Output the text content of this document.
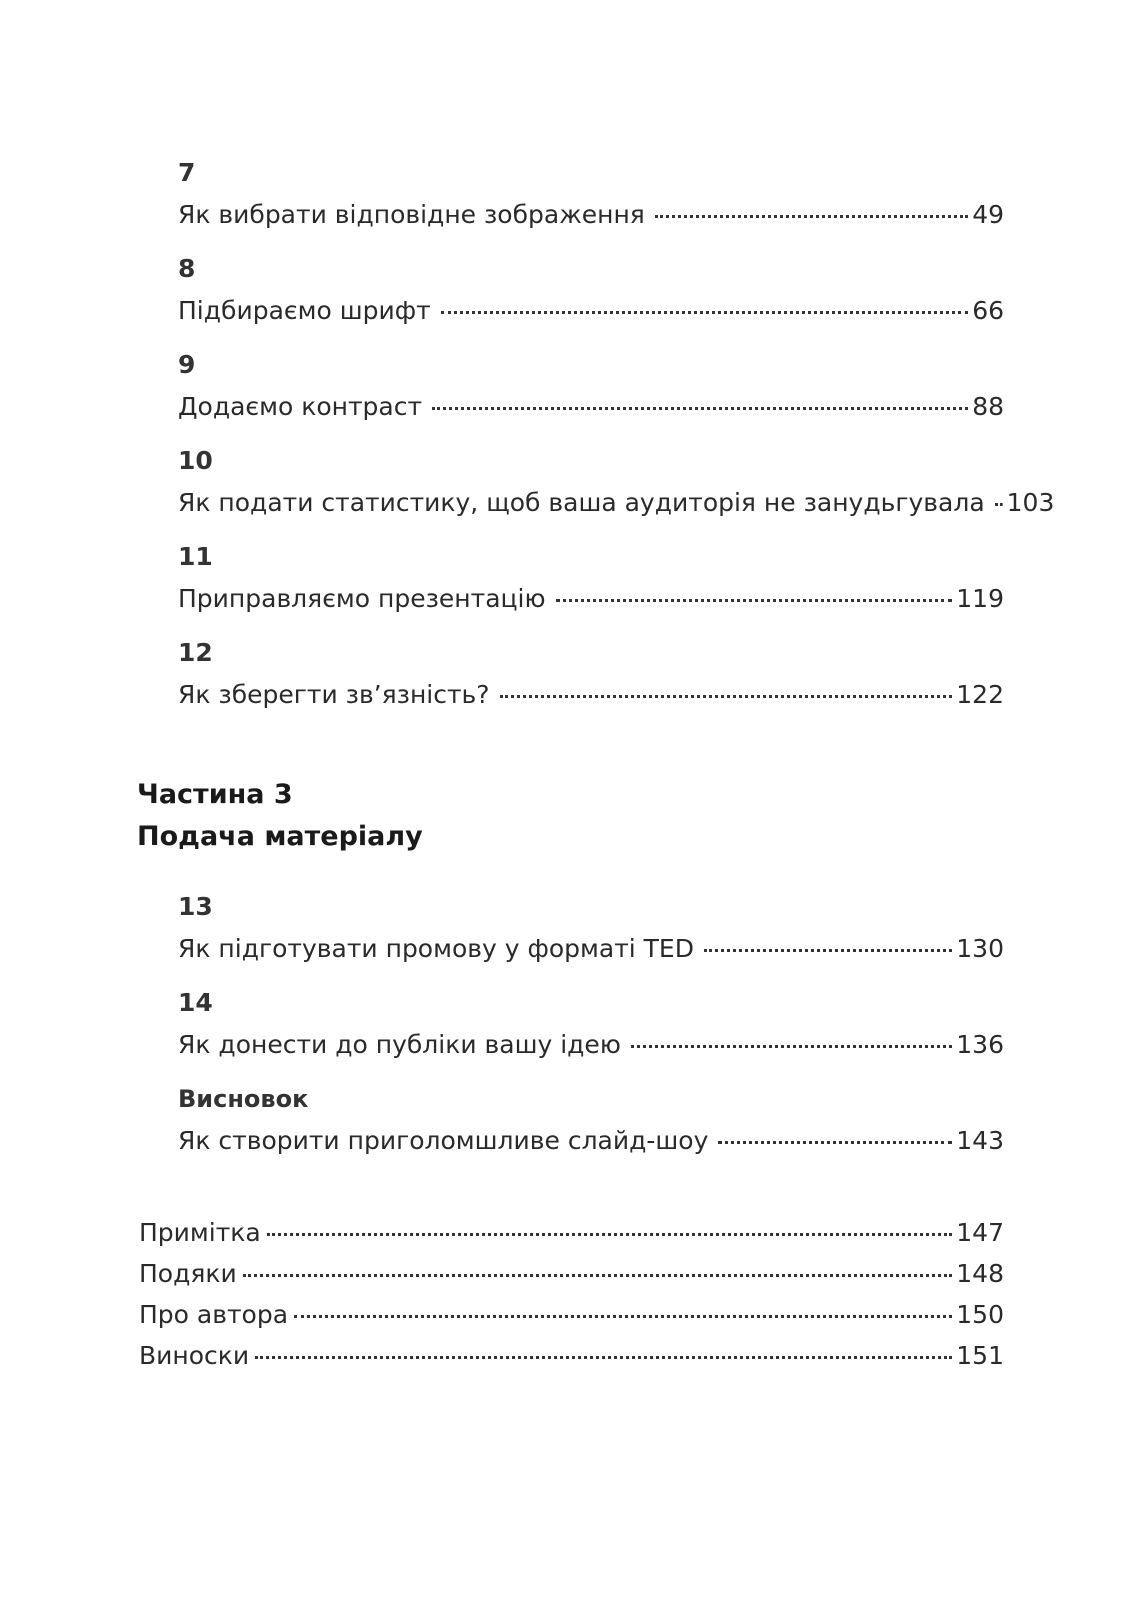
7
Як вибрати відповідне зображення	49
8
Підбираємо шрифт	66
9
Додаємо контраст	88
10
Як подати статистику, щоб ваша аудиторія не занудьгувала 103
11
Приправляємо презентацію	119
12
Як зберегти зв’язність?	122
Частина 3
Подача матеріалу
13
Як підготувати промову у форматі TED	130
14
Як донести до публіки вашу ідею	136
Висновок
Як створити приголомшливе слайд-шоу	143
Примітка	147
Подяки	148
Про автора	150
Виноски	151
